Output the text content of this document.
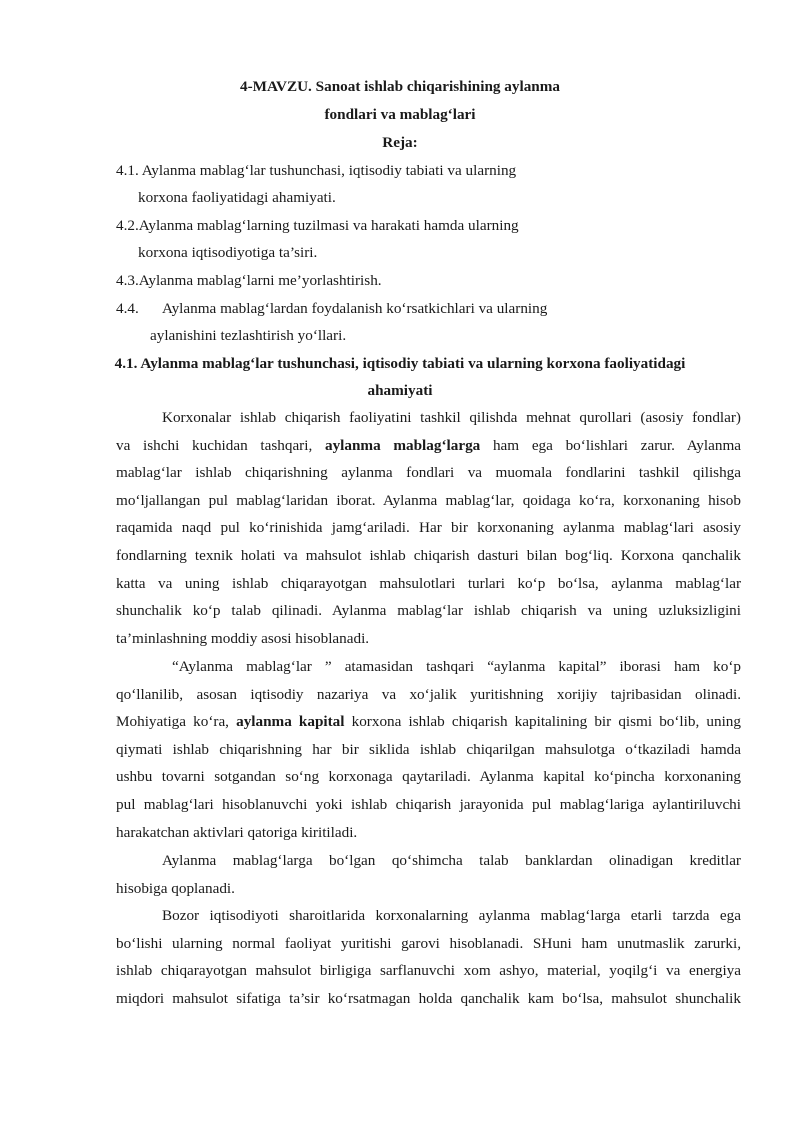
4-MAVZU. Sanoat ishlab chiqarishining aylanma
fondlari va mablag‘lari
Reja:
4.1. Aylanma mablag‘lar tushunchasi, iqtisodiy tabiati va ularning
korxona faoliyatidagi ahamiyati.
4.2.Aylanma mablag‘larning tuzilmasi va harakati hamda ularning
korxona iqtisodiyotiga ta’siri.
4.3.Aylanma mablag‘larni me’yorlashtirish.
4.4. Aylanma mablag‘lardan foydalanish ko‘rsatkichlari va ularning
aylanishini tezlashtirish yo‘llari.
4.1. Aylanma mablag‘lar tushunchasi, iqtisodiy tabiati va ularning korxona faoliyatidagi
ahamiyati
Korxonalar ishlab chiqarish faoliyatini tashkil qilishda mehnat qurollari (asosiy fondlar)
va ishchi kuchidan tashqari, aylanma mablag‘larga ham ega bo‘lishlari zarur. Aylanma
mablag‘lar ishlab chiqarishning aylanma fondlari va muomala fondlarini tashkil qilishga
mo‘ljallangan pul mablag‘laridan iborat. Aylanma mablag‘lar, qoidaga ko‘ra, korxonaning hisob
raqamida naqd pul ko‘rinishida jamg‘ariladi. Har bir korxonaning aylanma mablag‘lari asosiy
fondlarning texnik holati va mahsulot ishlab chiqarish dasturi bilan bog‘liq. Korxona qanchalik
katta va uning ishlab chiqarayotgan mahsulotlari turlari ko‘p bo‘lsa, aylanma mablag‘lar
shunchalik ko‘p talab qilinadi. Aylanma mablag‘lar ishlab chiqarish va uning uzluksizligini
ta’minlashning moddiy asosi hisoblanadi.
“Aylanma mablag‘lar ” atamasidan tashqari “aylanma kapital” iborasi ham ko‘p
qo‘llanilib, asosan iqtisodiy nazariya va xo‘jalik yuritishning xorijiy tajribasidan olinadi.
Mohiyatiga ko‘ra, aylanma kapital korxona ishlab chiqarish kapitalining bir qismi bo‘lib, uning
qiymati ishlab chiqarishning har bir siklida ishlab chiqarilgan mahsulotga o‘tkaziladi hamda
ushbu tovarni sotgandan so‘ng korxonaga qaytariladi. Aylanma kapital ko‘pincha korxonaning
pul mablag‘lari hisoblanuvchi yoki ishlab chiqarish jarayonida pul mablag‘lariga aylantiriluvchi
harakatchan aktivlari qatoriga kiritiladi.
Aylanma mablag‘larga bo‘lgan qo‘shimcha talab banklardan olinadigan kreditlar
hisobiga qoplanadi.
Bozor iqtisodiyoti sharoitlarida korxonalarning aylanma mablag‘larga etarli tarzda ega
bo‘lishi ularning normal faoliyat yuritishi garovi hisoblanadi. SHuni ham unutmaslik zarurki,
ishlab chiqarayotgan mahsulot birligiga sarflanuvchi xom ashyo, material, yoqilg‘i va energiya
miqdori mahsulot sifatiga ta’sir ko‘rsatmagan holda qanchalik kam bo‘lsa, mahsulot shunchalik
